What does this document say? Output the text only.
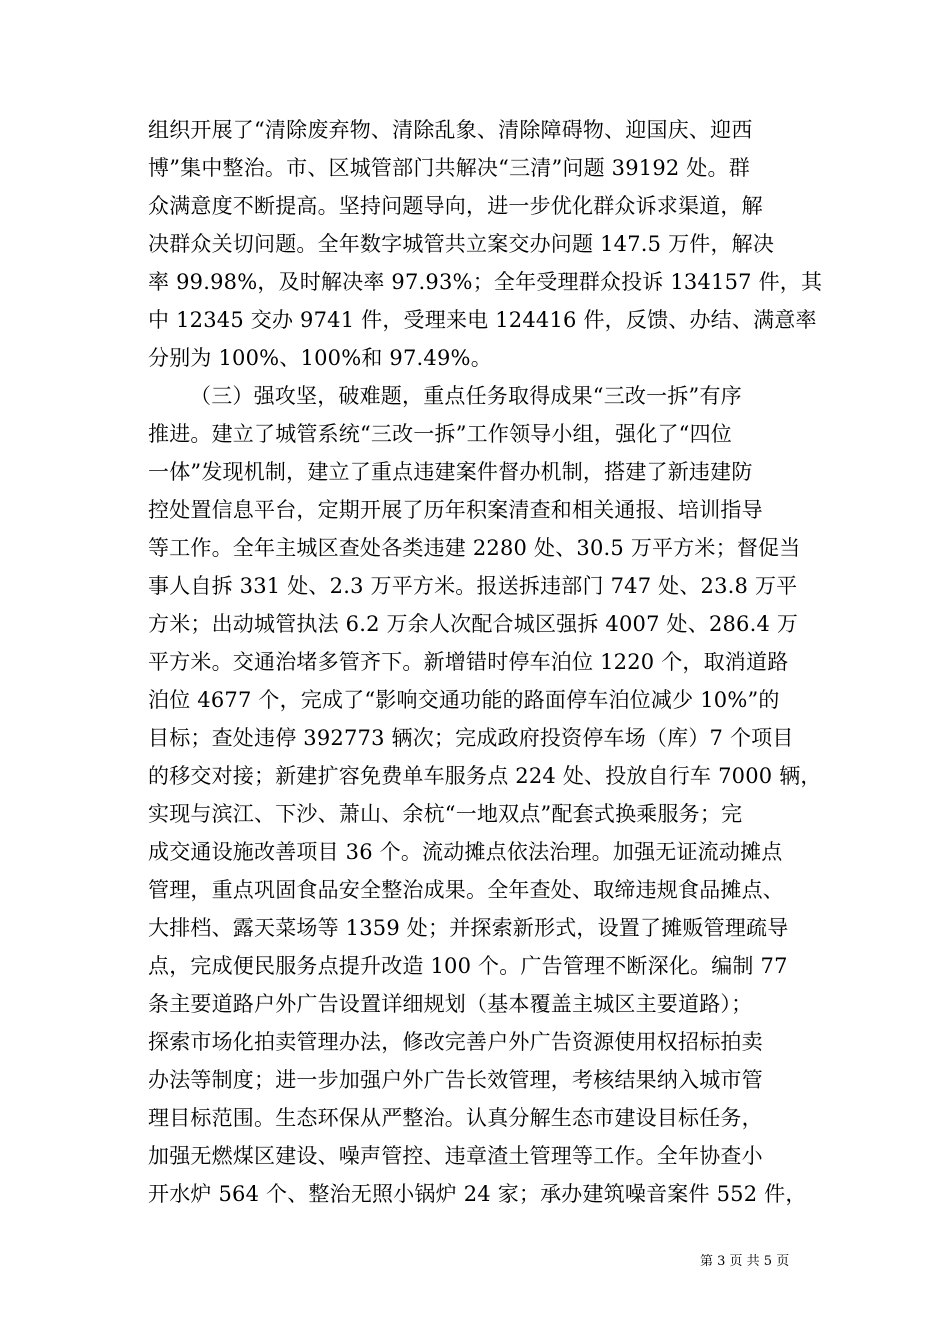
组织开展了“清除废弃物、清除乱象、清除障碍物、迎国庆、迎西
博”集中整治。市、区城管部门共解决“三清”问题 39192 处。群
众满意度不断提高。坚持问题导向，进一步优化群众诉求渠道，解
决群众关切问题。全年数字城管共立案交办问题 147.5 万件，解决
率 99.98%，及时解决率 97.93%；全年受理群众投诉 134157 件，其
中 12345 交办 9741 件，受理来电 124416 件，反馈、办结、满意率
分别为 100%、100%和 97.49%。
（三）强攻坚，破难题，重点任务取得成果“三改一拆”有序
推进。建立了城管系统“三改一拆”工作领导小组，强化了“四位
一体”发现机制，建立了重点违建案件督办机制，搭建了新违建防
控处置信息平台，定期开展了历年积案清查和相关通报、培训指导
等工作。全年主城区查处各类违建 2280 处、30.5 万平方米；督促当
事人自拆 331 处、2.3 万平方米。报送拆违部门 747 处、23.8 万平
方米；出动城管执法 6.2 万余人次配合城区强拆 4007 处、286.4 万
平方米。交通治堵多管齐下。新增错时停车泊位 1220 个，取消道路
泊位 4677 个，完成了“影响交通功能的路面停车泊位减少 10%”的
目标；查处违停 392773 辆次；完成政府投资停车场（库）7 个项目
的移交对接；新建扩容免费单车服务点 224 处、投放自行车 7000 辆，
实现与滨江、下沙、萧山、余杭“一地双点”配套式换乘服务；完
成交通设施改善项目 36 个。流动摊点依法治理。加强无证流动摊点
管理，重点巩固食品安全整治成果。全年查处、取缔违规食品摊点、
大排档、露天菜场等 1359 处；并探索新形式，设置了摊贩管理疏导
点，完成便民服务点提升改造 100 个。广告管理不断深化。编制 77
条主要道路户外广告设置详细规划（基本覆盖主城区主要道路）；
探索市场化拍卖管理办法，修改完善户外广告资源使用权招标拍卖
办法等制度；进一步加强户外广告长效管理，考核结果纳入城市管
理目标范围。生态环保从严整治。认真分解生态市建设目标任务，
加强无燃煤区建设、噪声管控、违章渣土管理等工作。全年协查小
开水炉 564 个、整治无照小锅炉 24 家；承办建筑噪音案件 552 件，
第 3 页 共 5 页
